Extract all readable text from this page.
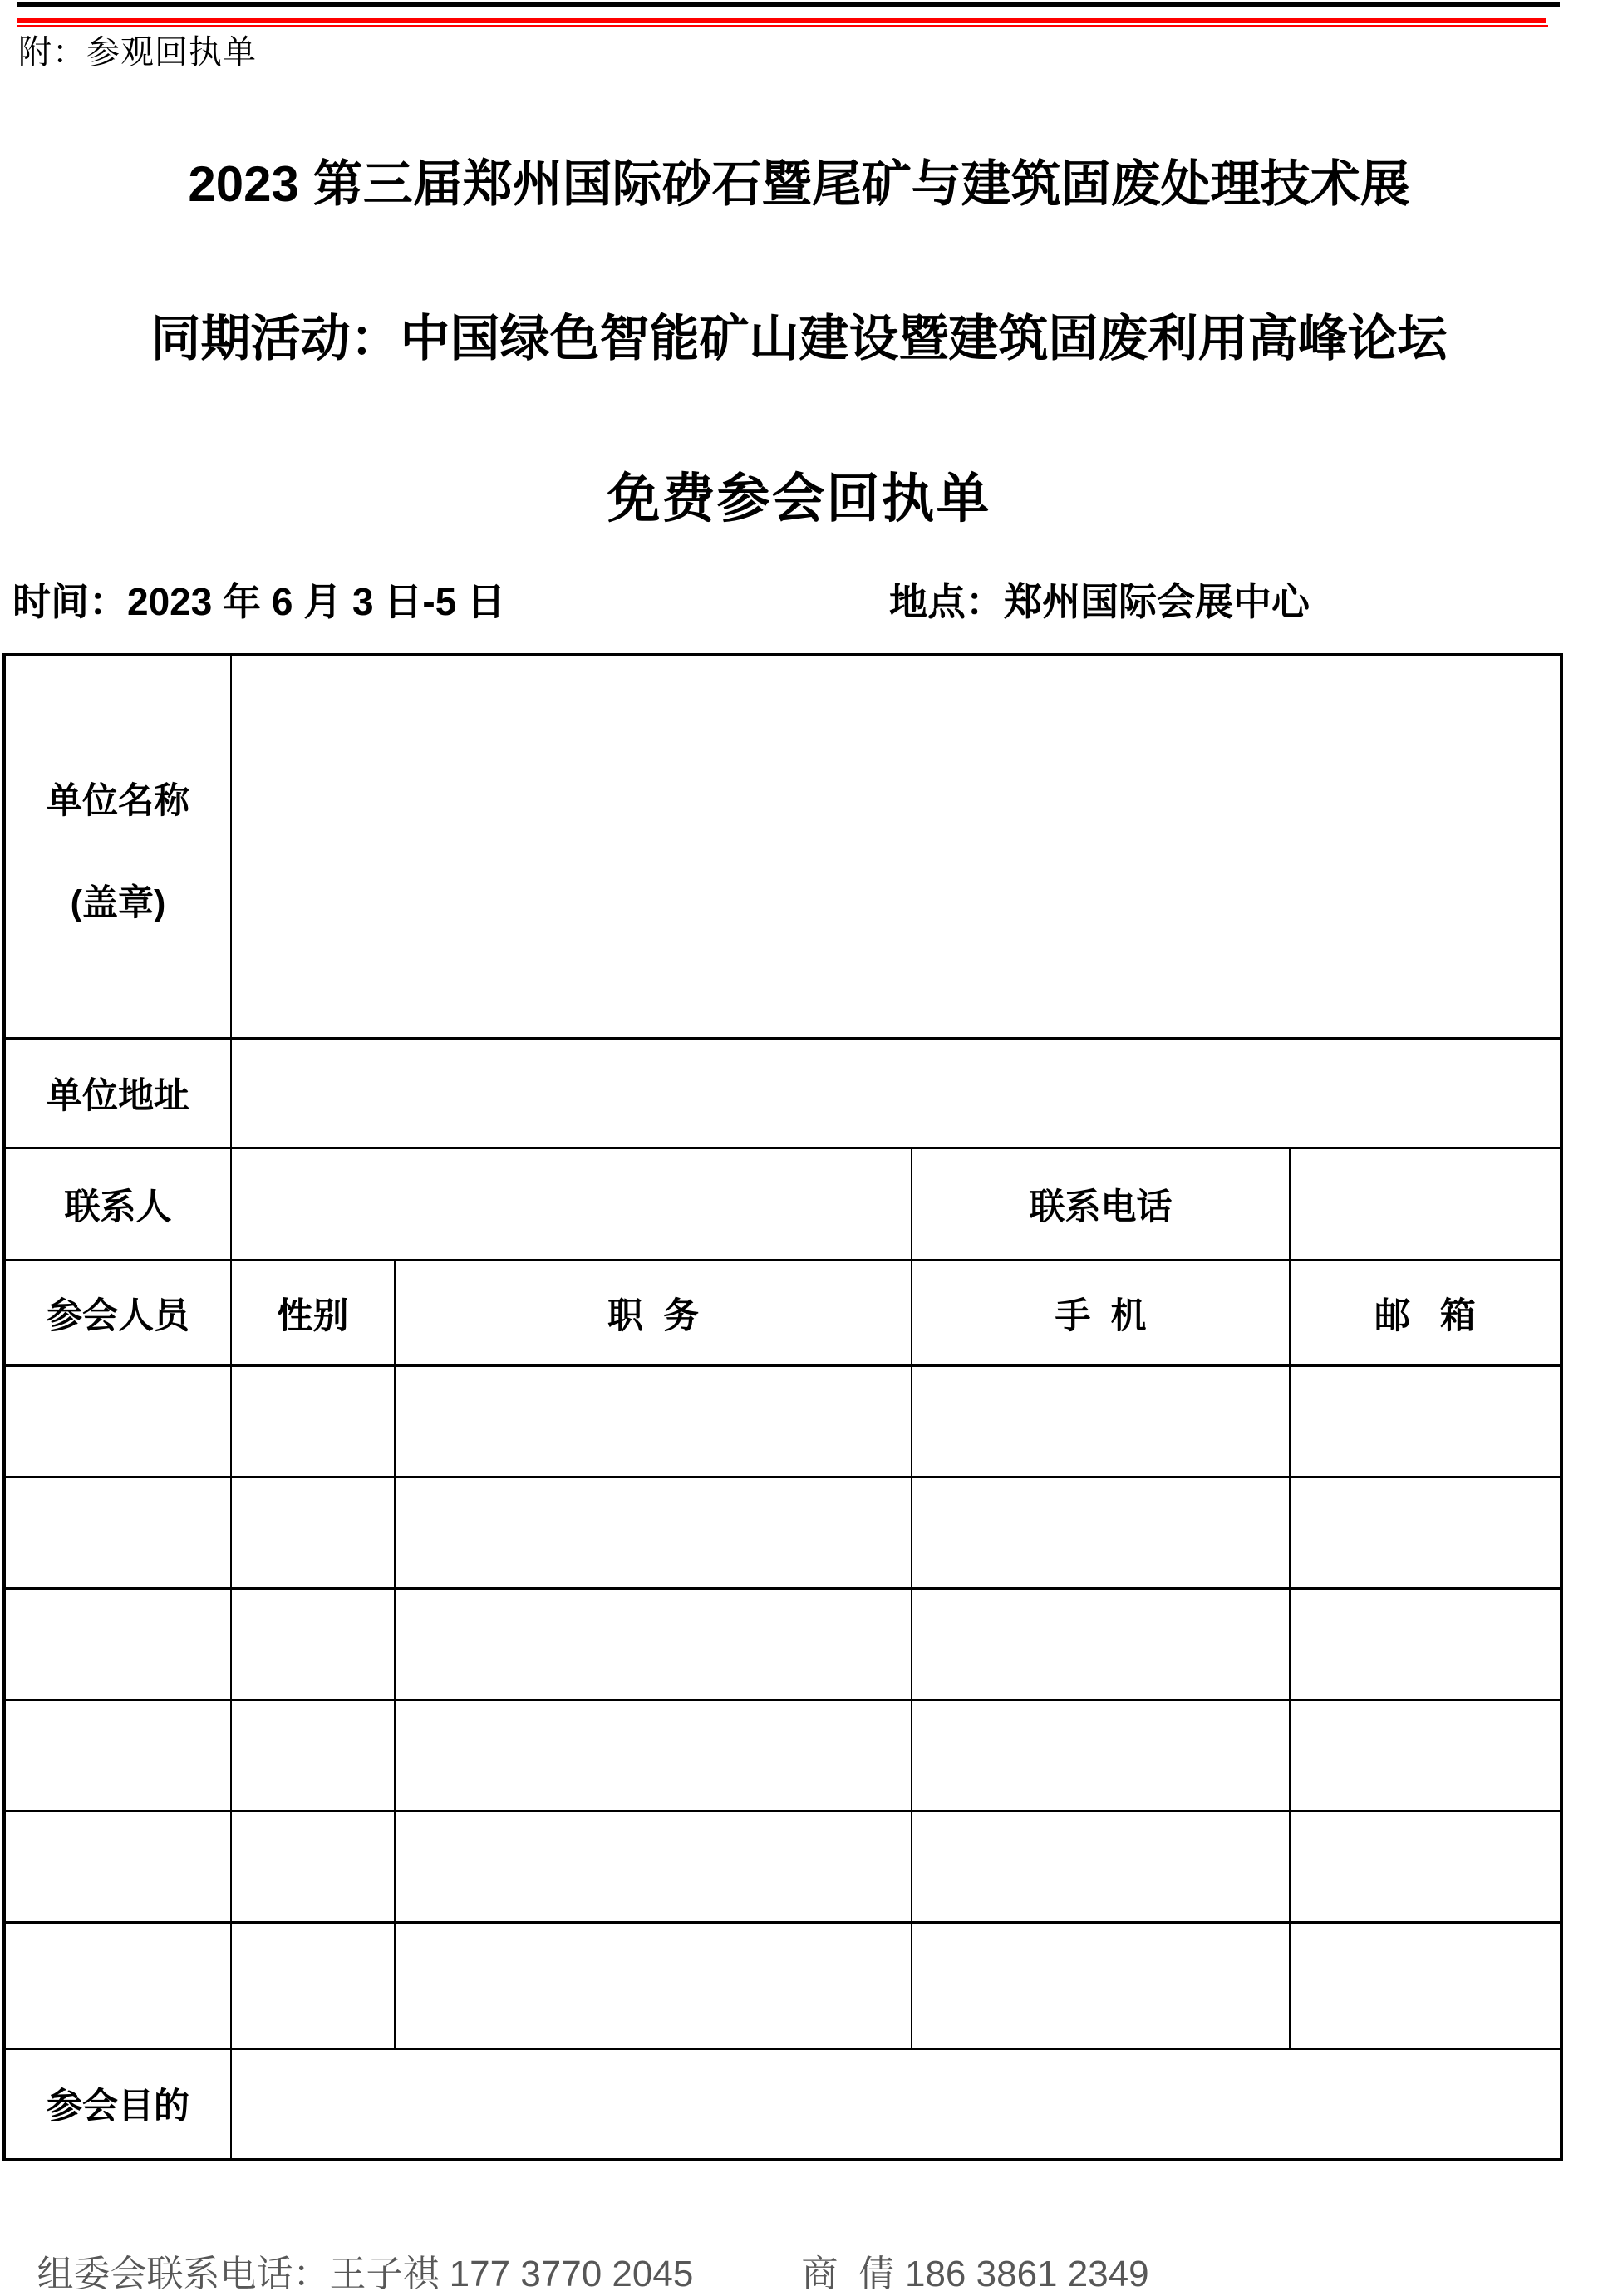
附：参观回执单
2023 第三届郑州国际砂石暨尾矿与建筑固废处理技术展
同期活动：中国绿色智能矿山建设暨建筑固废利用高峰论坛
免费参会回执单
时间：2023 年 6 月 3 日-5 日	地点：郑州国际会展中心

单位名称
(盖章)				

单位地址				
联系人			联系电话	
参会人员	性别	职  务	手  机	邮   箱

参会目的				

组委会联系电话：王子祺 177 3770 2045	商  倩 186 3861 2349
